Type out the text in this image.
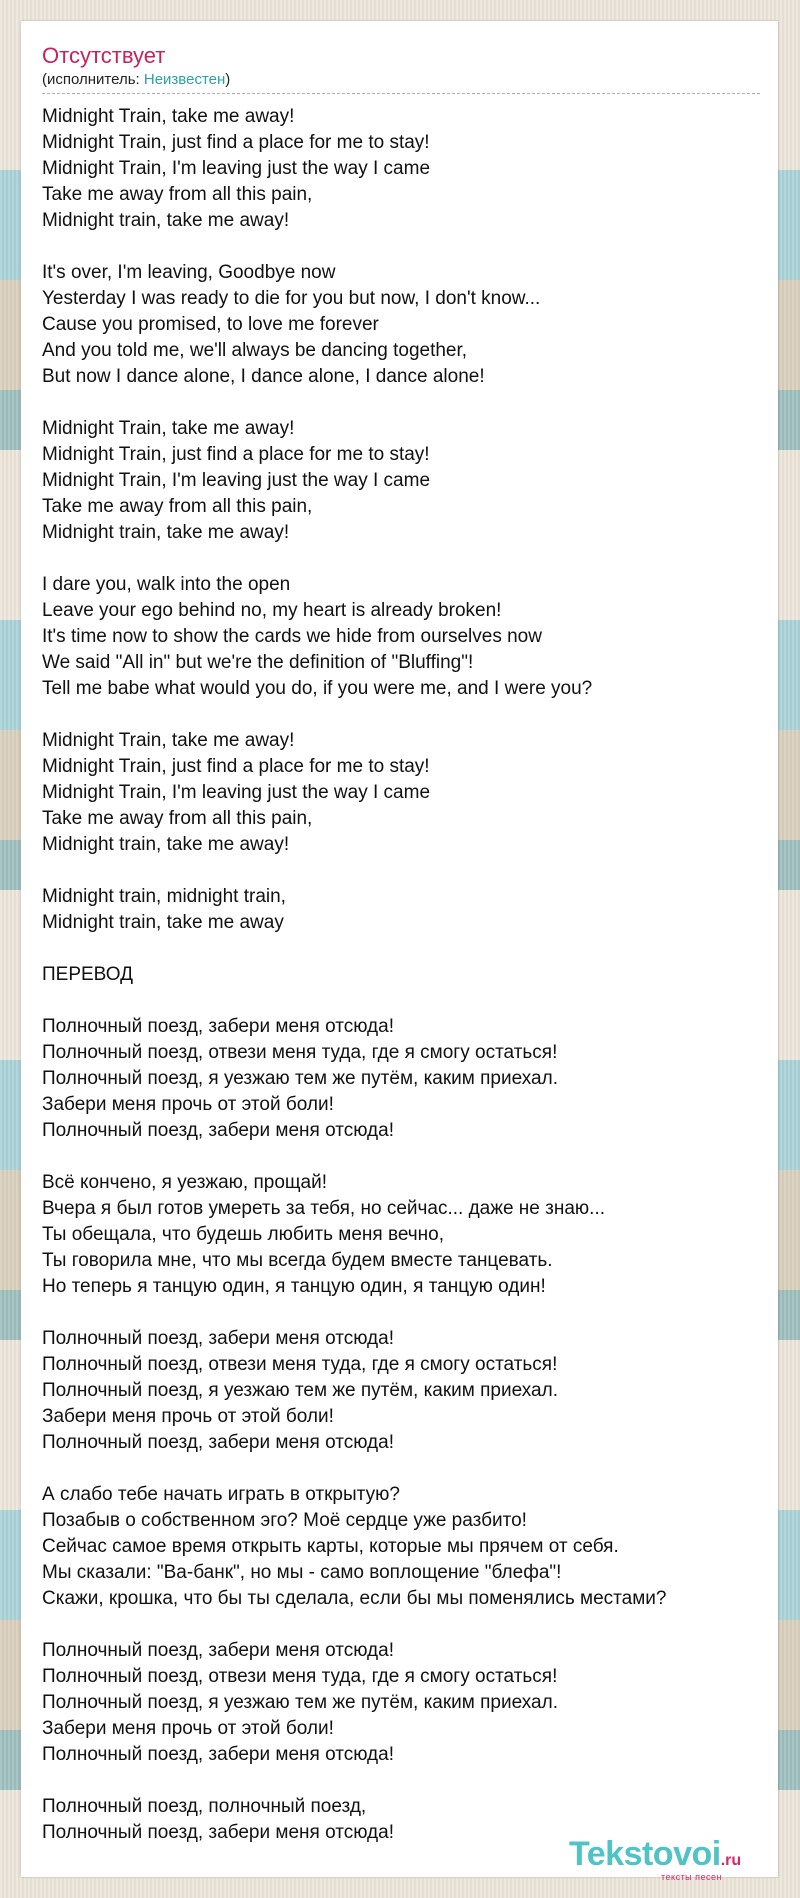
Отсутствует
(исполнитель: Неизвестен)
Midnight Train, take me away!
Midnight Train, just find a place for me to stay!
Midnight Train, I'm leaving just the way I came
Take me away from all this pain,
Midnight train, take me away!

It's over, I'm leaving, Goodbye now
Yesterday I was ready to die for you but now, I don't know...
Cause you promised, to love me forever
And you told me, we'll always be dancing together,
But now I dance alone, I dance alone, I dance alone!

Midnight Train, take me away!
Midnight Train, just find a place for me to stay!
Midnight Train, I'm leaving just the way I came
Take me away from all this pain,
Midnight train, take me away!

I dare you, walk into the open
Leave your ego behind no, my heart is already broken!
It's time now to show the cards we hide from ourselves now
We said "All in" but we're the definition of "Bluffing"!
Tell me babe what would you do, if you were me, and I were you?

Midnight Train, take me away!
Midnight Train, just find a place for me to stay!
Midnight Train, I'm leaving just the way I came
Take me away from all this pain,
Midnight train, take me away!

Midnight train, midnight train,
Midnight train, take me away

ПЕРЕВОД

Полночный поезд, забери меня отсюда!
Полночный поезд, отвези меня туда, где я смогу остаться!
Полночный поезд, я уезжаю тем же путём, каким приехал.
Забери меня прочь от этой боли!
Полночный поезд, забери меня отсюда!

Всё кончено, я уезжаю, прощай!
Вчера я был готов умереть за тебя, но сейчас... даже не знаю...
Ты обещала, что будешь любить меня вечно,
Ты говорила мне, что мы всегда будем вместе танцевать.
Но теперь я танцую один, я танцую один, я танцую один!

Полночный поезд, забери меня отсюда!
Полночный поезд, отвези меня туда, где я смогу остаться!
Полночный поезд, я уезжаю тем же путём, каким приехал.
Забери меня прочь от этой боли!
Полночный поезд, забери меня отсюда!

А слабо тебе начать играть в открытую?
Позабыв о собственном эго? Моё сердце уже разбито!
Сейчас самое время открыть карты, которые мы прячем от себя.
Мы сказали: "Ва-банк", но мы - само воплощение "блефа"!
Скажи, крошка, что бы ты сделала, если бы мы поменялись местами?

Полночный поезд, забери меня отсюда!
Полночный поезд, отвези меня туда, где я смогу остаться!
Полночный поезд, я уезжаю тем же путём, каким приехал.
Забери меня прочь от этой боли!
Полночный поезд, забери меня отсюда!

Полночный поезд, полночный поезд,
Полночный поезд, забери меня отсюда!
Tekstovoi.ru
тексты песен
